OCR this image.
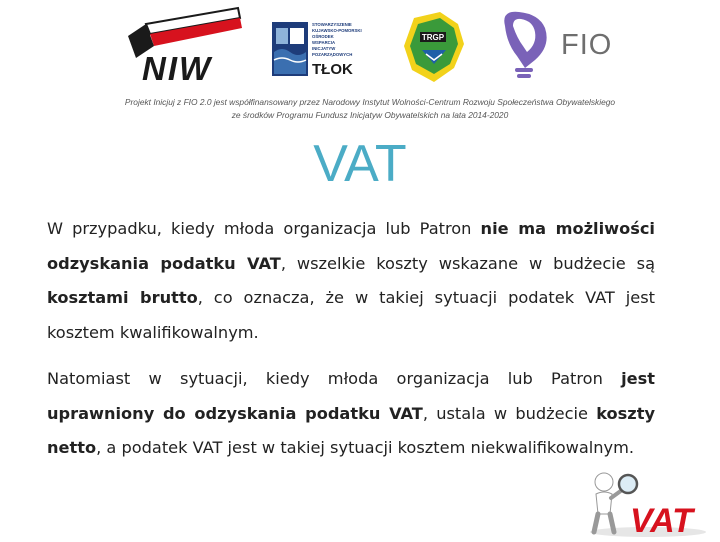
NIW
STOWARZYSZENIE
KUJAWSKO-POMORSKI
OŚRODEK
WSPARCIA
INICJATYW
POZARZĄDOWYCH
TŁOK
TRGP	FIO

Projekt Inicjuj z FIO 2.0 jest współfinansowany przez Narodowy Instytut Wolności-Centrum Rozwoju Społeczeństwa Obywatelskiego

ze środków Programu Fundusz Inicjatyw Obywatelskich na lata 2014-2020

VAT

W przypadku, kiedy młoda organizacja lub Patron nie ma możliwości odzyskania podatku VAT, wszelkie koszty wskazane w budżecie są kosztami brutto, co oznacza, że w takiej sytuacji podatek VAT jest kosztem kwalifikowalnym.

Natomiast w sytuacji, kiedy młoda organizacja lub Patron jest uprawniony do odzyskania podatku VAT, ustala w budżecie koszty netto, a podatek VAT jest w takiej sytuacji kosztem niekwalifikowalnym.

VAT
